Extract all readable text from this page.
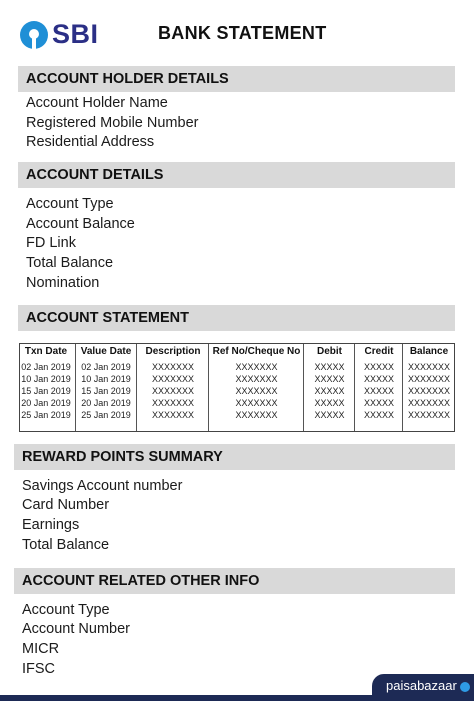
SBI	BANK STATEMENT
ACCOUNT HOLDER DETAILS
Account Holder Name
Registered Mobile Number
Residential Address
ACCOUNT DETAILS
Account Type
Account Balance
FD Link
Total Balance
Nomination
ACCOUNT STATEMENT
Txn Date	Value Date	Description	Ref No/Cheque No	Debit	Credit	Balance
02 Jan 2019	02 Jan 2019	XXXXXXX	XXXXXXX	XXXXX	XXXXX	XXXXXXX
10 Jan 2019	10 Jan 2019	XXXXXXX	XXXXXXX	XXXXX	XXXXX	XXXXXXX
15 Jan 2019	15 Jan 2019	XXXXXXX	XXXXXXX	XXXXX	XXXXX	XXXXXXX
20 Jan 2019	20 Jan 2019	XXXXXXX	XXXXXXX	XXXXX	XXXXX	XXXXXXX
25 Jan 2019	25 Jan 2019	XXXXXXX	XXXXXXX	XXXXX	XXXXX	XXXXXXX
REWARD POINTS SUMMARY
Savings Account number
Card Number
Earnings
Total Balance
ACCOUNT RELATED OTHER INFO
Account Type
Account Number
MICR
IFSC
paisabazaar
